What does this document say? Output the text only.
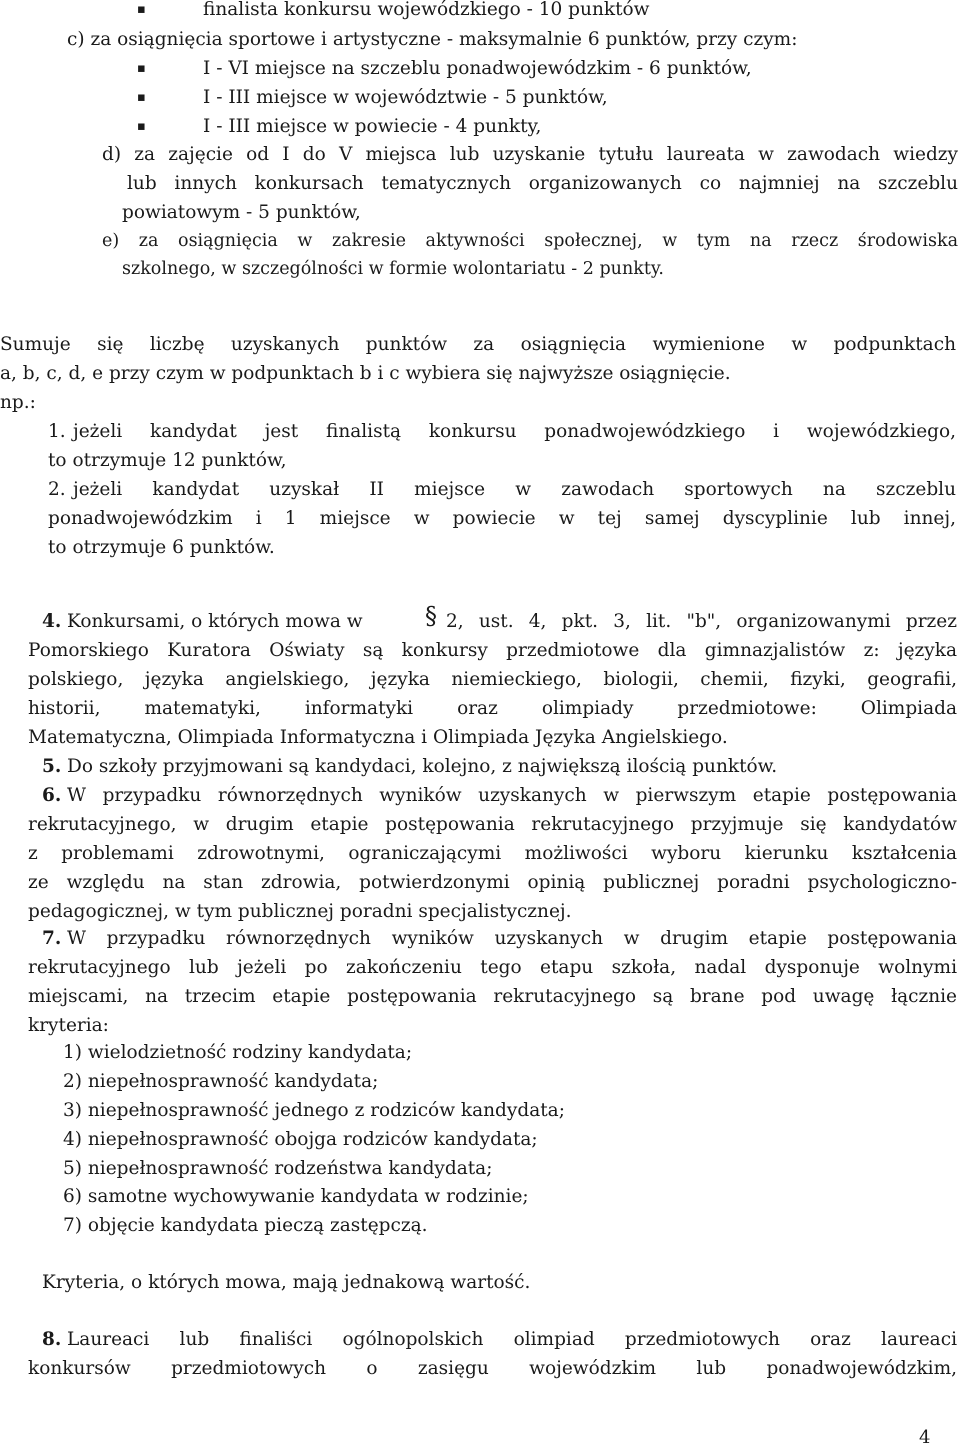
▪	finalista konkursu wojewódzkiego - 10 punktów
c) za osiągnięcia sportowe i artystyczne - maksymalnie 6 punktów, przy czym:
▪	I - VI miejsce na szczeblu ponadwojewódzkim - 6 punktów,
▪	I - III miejsce w województwie - 5 punktów,
▪	I - III miejsce w powiecie - 4 punkty,
d) za zajęcie od I do V miejsca lub uzyskanie tytułu laureata w zawodach wiedzy
lub innych konkursach tematycznych organizowanych co najmniej na szczeblu
powiatowym - 5 punktów,
e) za osiągnięcia w zakresie aktywności społecznej, w tym na rzecz środowiska
szkolnego, w szczególności w formie wolontariatu - 2 punkty.
Sumuje się liczbę uzyskanych punktów za osiągnięcia wymienione w podpunktach
a, b, c, d, e przy czym w podpunktach b i c wybiera się najwyższe osiągnięcie.
np.:
1. jeżeli kandydat jest finalistą konkursu ponadwojewódzkiego i wojewódzkiego,
to otrzymuje 12 punktów,
2. jeżeli kandydat uzyskał II miejsce w zawodach sportowych na szczeblu
ponadwojewódzkim i 1 miejsce w powiecie w tej samej dyscyplinie lub innej,
to otrzymuje 6 punktów.
4. Konkursami, o których mowa w	§ 2, ust. 4, pkt. 3, lit. "b", organizowanymi przez
Pomorskiego Kuratora Oświaty są konkursy przedmiotowe dla gimnazjalistów z: języka
polskiego, języka angielskiego, języka niemieckiego, biologii, chemii, fizyki, geografii,
historii, matematyki, informatyki oraz olimpiady przedmiotowe: Olimpiada
Matematyczna, Olimpiada Informatyczna i Olimpiada Języka Angielskiego.
5. Do szkoły przyjmowani są kandydaci, kolejno, z największą ilością punktów.
6. W przypadku równorzędnych wyników uzyskanych w pierwszym etapie postępowania
rekrutacyjnego, w drugim etapie postępowania rekrutacyjnego przyjmuje się kandydatów
z problemami zdrowotnymi, ograniczającymi możliwości wyboru kierunku kształcenia
ze względu na stan zdrowia, potwierdzonymi opinią publicznej poradni psychologiczno-
pedagogicznej, w tym publicznej poradni specjalistycznej.
7. W przypadku równorzędnych wyników uzyskanych w drugim etapie postępowania
rekrutacyjnego lub jeżeli po zakończeniu tego etapu szkoła, nadal dysponuje wolnymi
miejscami, na trzecim etapie postępowania rekrutacyjnego są brane pod uwagę łącznie
kryteria:
1) wielodzietność rodziny kandydata;
2) niepełnosprawność kandydata;
3) niepełnosprawność jednego z rodziców kandydata;
4) niepełnosprawność obojga rodziców kandydata;
5) niepełnosprawność rodzeństwa kandydata;
6) samotne wychowywanie kandydata w rodzinie;
7) objęcie kandydata pieczą zastępczą.
Kryteria, o których mowa, mają jednakową wartość.
8. Laureaci lub finaliści ogólnopolskich olimpiad przedmiotowych oraz laureaci
konkursów przedmiotowych o zasięgu wojewódzkim lub ponadwojewódzkim,
4
